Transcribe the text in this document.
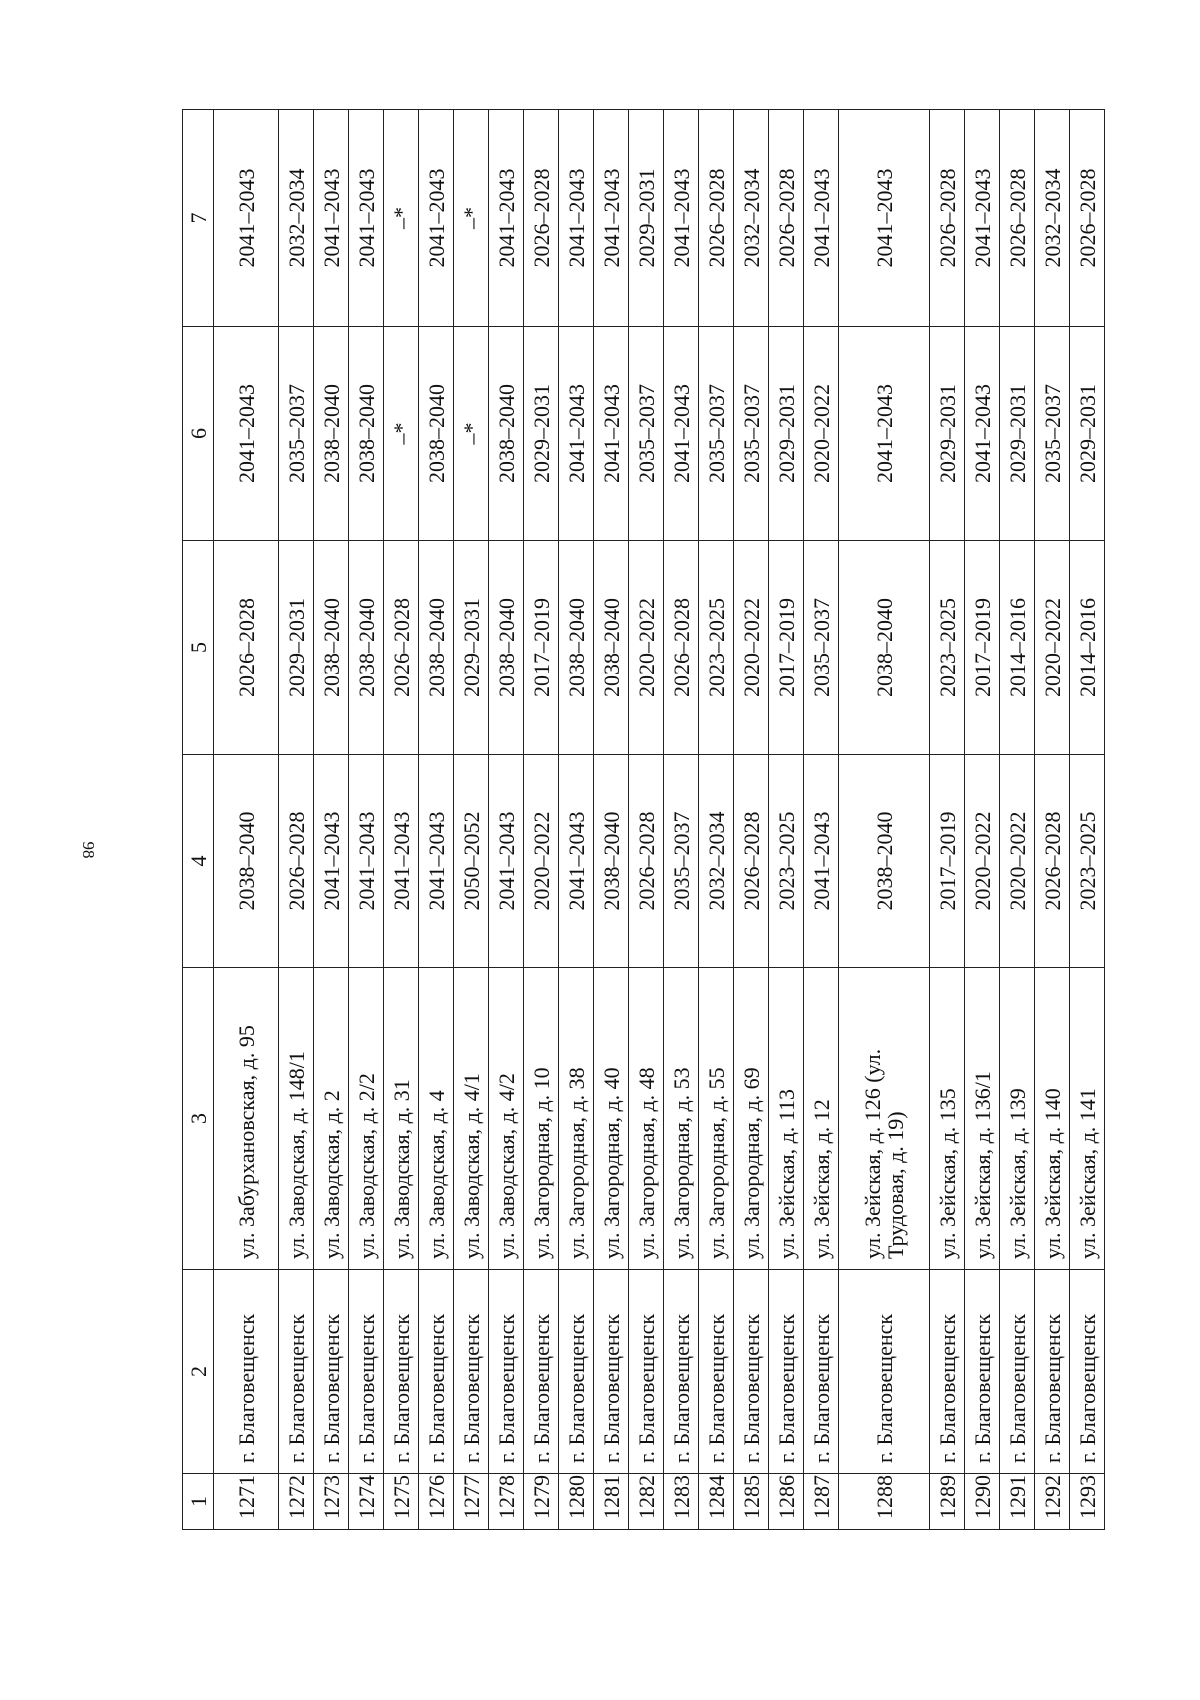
98
1	2	3	4	5	6	7
1271	г. Благовещенск	ул. Забурхановская, д. 95	2038–2040	2026–2028	2041–2043	2041–2043
1272	г. Благовещенск	ул. Заводская, д. 148/1	2026–2028	2029–2031	2035–2037	2032–2034
1273	г. Благовещенск	ул. Заводская, д. 2	2041–2043	2038–2040	2038–2040	2041–2043
1274	г. Благовещенск	ул. Заводская, д. 2/2	2041–2043	2038–2040	2038–2040	2041–2043
1275	г. Благовещенск	ул. Заводская, д. 31	2041–2043	2026–2028	–*	–*
1276	г. Благовещенск	ул. Заводская, д. 4	2041–2043	2038–2040	2038–2040	2041–2043
1277	г. Благовещенск	ул. Заводская, д. 4/1	2050–2052	2029–2031	–*	–*
1278	г. Благовещенск	ул. Заводская, д. 4/2	2041–2043	2038–2040	2038–2040	2041–2043
1279	г. Благовещенск	ул. Загородная, д. 10	2020–2022	2017–2019	2029–2031	2026–2028
1280	г. Благовещенск	ул. Загородная, д. 38	2041–2043	2038–2040	2041–2043	2041–2043
1281	г. Благовещенск	ул. Загородная, д. 40	2038–2040	2038–2040	2041–2043	2041–2043
1282	г. Благовещенск	ул. Загородная, д. 48	2026–2028	2020–2022	2035–2037	2029–2031
1283	г. Благовещенск	ул. Загородная, д. 53	2035–2037	2026–2028	2041–2043	2041–2043
1284	г. Благовещенск	ул. Загородная, д. 55	2032–2034	2023–2025	2035–2037	2026–2028
1285	г. Благовещенск	ул. Загородная, д. 69	2026–2028	2020–2022	2035–2037	2032–2034
1286	г. Благовещенск	ул. Зейская, д. 113	2023–2025	2017–2019	2029–2031	2026–2028
1287	г. Благовещенск	ул. Зейская, д. 12	2041–2043	2035–2037	2020–2022	2041–2043
1288	г. Благовещенск	ул. Зейская, д. 126 (ул. Трудовая, д. 19)	2038–2040	2038–2040	2041–2043	2041–2043
1289	г. Благовещенск	ул. Зейская, д. 135	2017–2019	2023–2025	2029–2031	2026–2028
1290	г. Благовещенск	ул. Зейская, д. 136/1	2020–2022	2017–2019	2041–2043	2041–2043
1291	г. Благовещенск	ул. Зейская, д. 139	2020–2022	2014–2016	2029–2031	2026–2028
1292	г. Благовещенск	ул. Зейская, д. 140	2026–2028	2020–2022	2035–2037	2032–2034
1293	г. Благовещенск	ул. Зейская, д. 141	2023–2025	2014–2016	2029–2031	2026–2028
